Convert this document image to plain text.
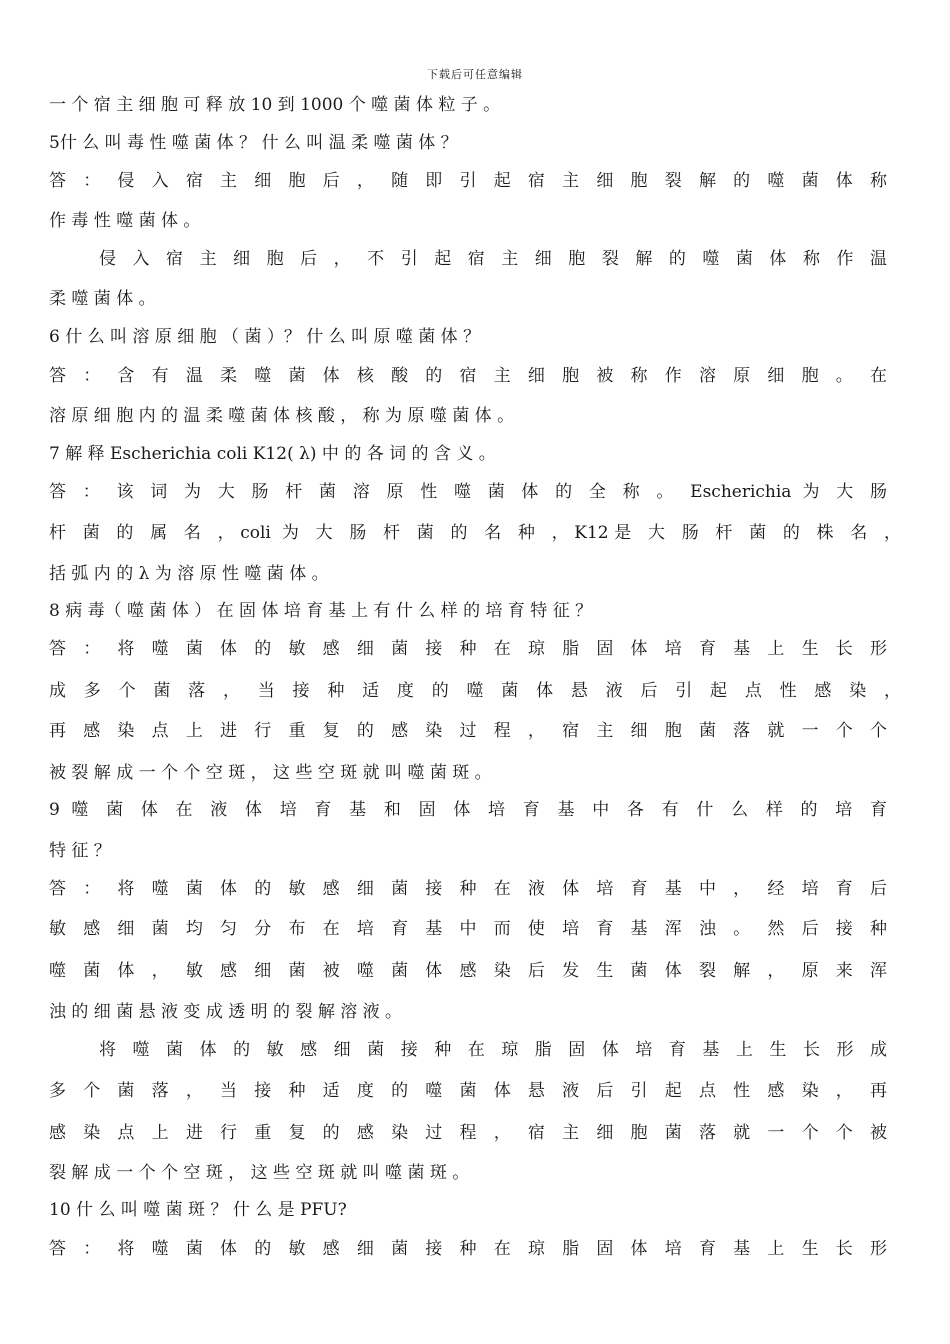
下载后可任意编辑
一 个 宿 主 细 胞 可 释 放 10 到 1000 个 噬 菌 体 粒 子 。
5什 么 叫 毒 性 噬 菌 体 ？ 什 么 叫 温 柔 噬 菌 体 ？
答 ： 侵 入 宿 主 细 胞 后 ， 随 即 引 起 宿 主 细 胞 裂 解 的 噬 菌 体 称
作 毒 性 噬 菌 体 。
侵 入 宿 主 细 胞 后 ， 不 引 起 宿 主 细 胞 裂 解 的 噬 菌 体 称 作 温
柔 噬 菌 体 。
6 什 么 叫 溶 原 细 胞 （ 菌 ）？ 什 么 叫 原 噬 菌 体 ？
答 ： 含 有 温 柔 噬 菌 体 核 酸 的 宿 主 细 胞 被 称 作 溶 原 细 胞 。 在
溶 原 细 胞 内 的 温 柔 噬 菌 体 核 酸 ， 称 为 原 噬 菌 体 。
7 解 释 Escherichia coli K12( λ) 中 的 各 词 的 含 义 。
答 ： 该 词 为 大 肠 杆 菌 溶 原 性 噬 菌 体 的 全 称 。 Escherichia 为 大 肠
杆 菌 的 属 名 ，coli 为 大 肠 杆 菌 的 名 种 ，K12是 大 肠 杆 菌 的 株 名 ，
括 弧 内 的 λ 为 溶 原 性 噬 菌 体 。
8 病 毒（ 噬 菌 体 ） 在 固 体 培 育 基 上 有 什 么 样 的 培 育 特 征 ？
答 ： 将 噬 菌 体 的 敏 感 细 菌 接 种 在 琼 脂 固 体 培 育 基 上 生 长 形
成 多 个 菌 落 ， 当 接 种 适 度 的 噬 菌 体 悬 液 后 引 起 点 性 感 染 ，
再 感 染 点 上 进 行 重 复 的 感 染 过 程 ， 宿 主 细 胞 菌 落 就 一 个 个
被 裂 解 成 一 个 个 空 斑 ， 这 些 空 斑 就 叫 噬 菌 斑 。
9 噬 菌 体 在 液 体 培 育 基 和 固 体 培 育 基 中 各 有 什 么 样 的 培 育
特 征 ？
答 ： 将 噬 菌 体 的 敏 感 细 菌 接 种 在 液 体 培 育 基 中 ， 经 培 育 后
敏 感 细 菌 均 匀 分 布 在 培 育 基 中 而 使 培 育 基 浑 浊 。 然 后 接 种
噬 菌 体 ， 敏 感 细 菌 被 噬 菌 体 感 染 后 发 生 菌 体 裂 解 ， 原 来 浑
浊 的 细 菌 悬 液 变 成 透 明 的 裂 解 溶 液 。
将 噬 菌 体 的 敏 感 细 菌 接 种 在 琼 脂 固 体 培 育 基 上 生 长 形 成
多 个 菌 落 ， 当 接 种 适 度 的 噬 菌 体 悬 液 后 引 起 点 性 感 染 ， 再
感 染 点 上 进 行 重 复 的 感 染 过 程 ， 宿 主 细 胞 菌 落 就 一 个 个 被
裂 解 成 一 个 个 空 斑 ， 这 些 空 斑 就 叫 噬 菌 斑 。
10 什 么 叫 噬 菌 斑 ？ 什 么 是 PFU?
答 ： 将 噬 菌 体 的 敏 感 细 菌 接 种 在 琼 脂 固 体 培 育 基 上 生 长 形
